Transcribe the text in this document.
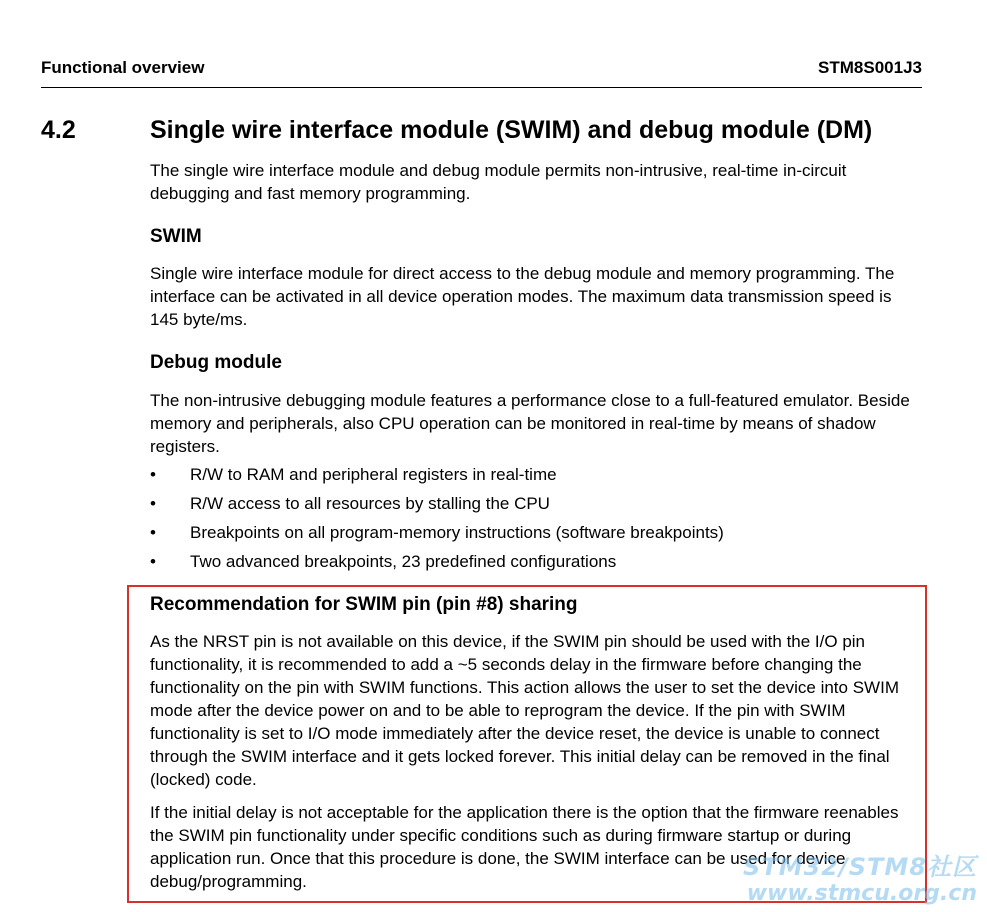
Functional overview	STM8S001J3
4.2	Single wire interface module (SWIM) and debug module (DM)

The single wire interface module and debug module permits non-intrusive, real-time in-circuit debugging and fast memory programming.

SWIM

Single wire interface module for direct access to the debug module and memory programming. The interface can be activated in all device operation modes. The maximum data transmission speed is 145 byte/ms.

Debug module

The non-intrusive debugging module features a performance close to a full-featured emulator. Beside memory and peripherals, also CPU operation can be monitored in real-time by means of shadow registers.

•	R/W to RAM and peripheral registers in real-time
•	R/W access to all resources by stalling the CPU
•	Breakpoints on all program-memory instructions (software breakpoints)
•	Two advanced breakpoints, 23 predefined configurations
Recommendation for SWIM pin (pin #8) sharing

As the NRST pin is not available on this device, if the SWIM pin should be used with the I/O pin functionality, it is recommended to add a ~5 seconds delay in the firmware before changing the functionality on the pin with SWIM functions. This action allows the user to set the device into SWIM mode after the device power on and to be able to reprogram the device. If the pin with SWIM functionality is set to I/O mode immediately after the device reset, the device is unable to connect through the SWIM interface and it gets locked forever. This initial delay can be removed in the final (locked) code.

If the initial delay is not acceptable for the application there is the option that the firmware reenables the SWIM pin functionality under specific conditions such as during firmware startup or during application run. Once that this procedure is done, the SWIM interface can be used for device debug/programming.

STM32/STM8社区
www.stmcu.org.cn
